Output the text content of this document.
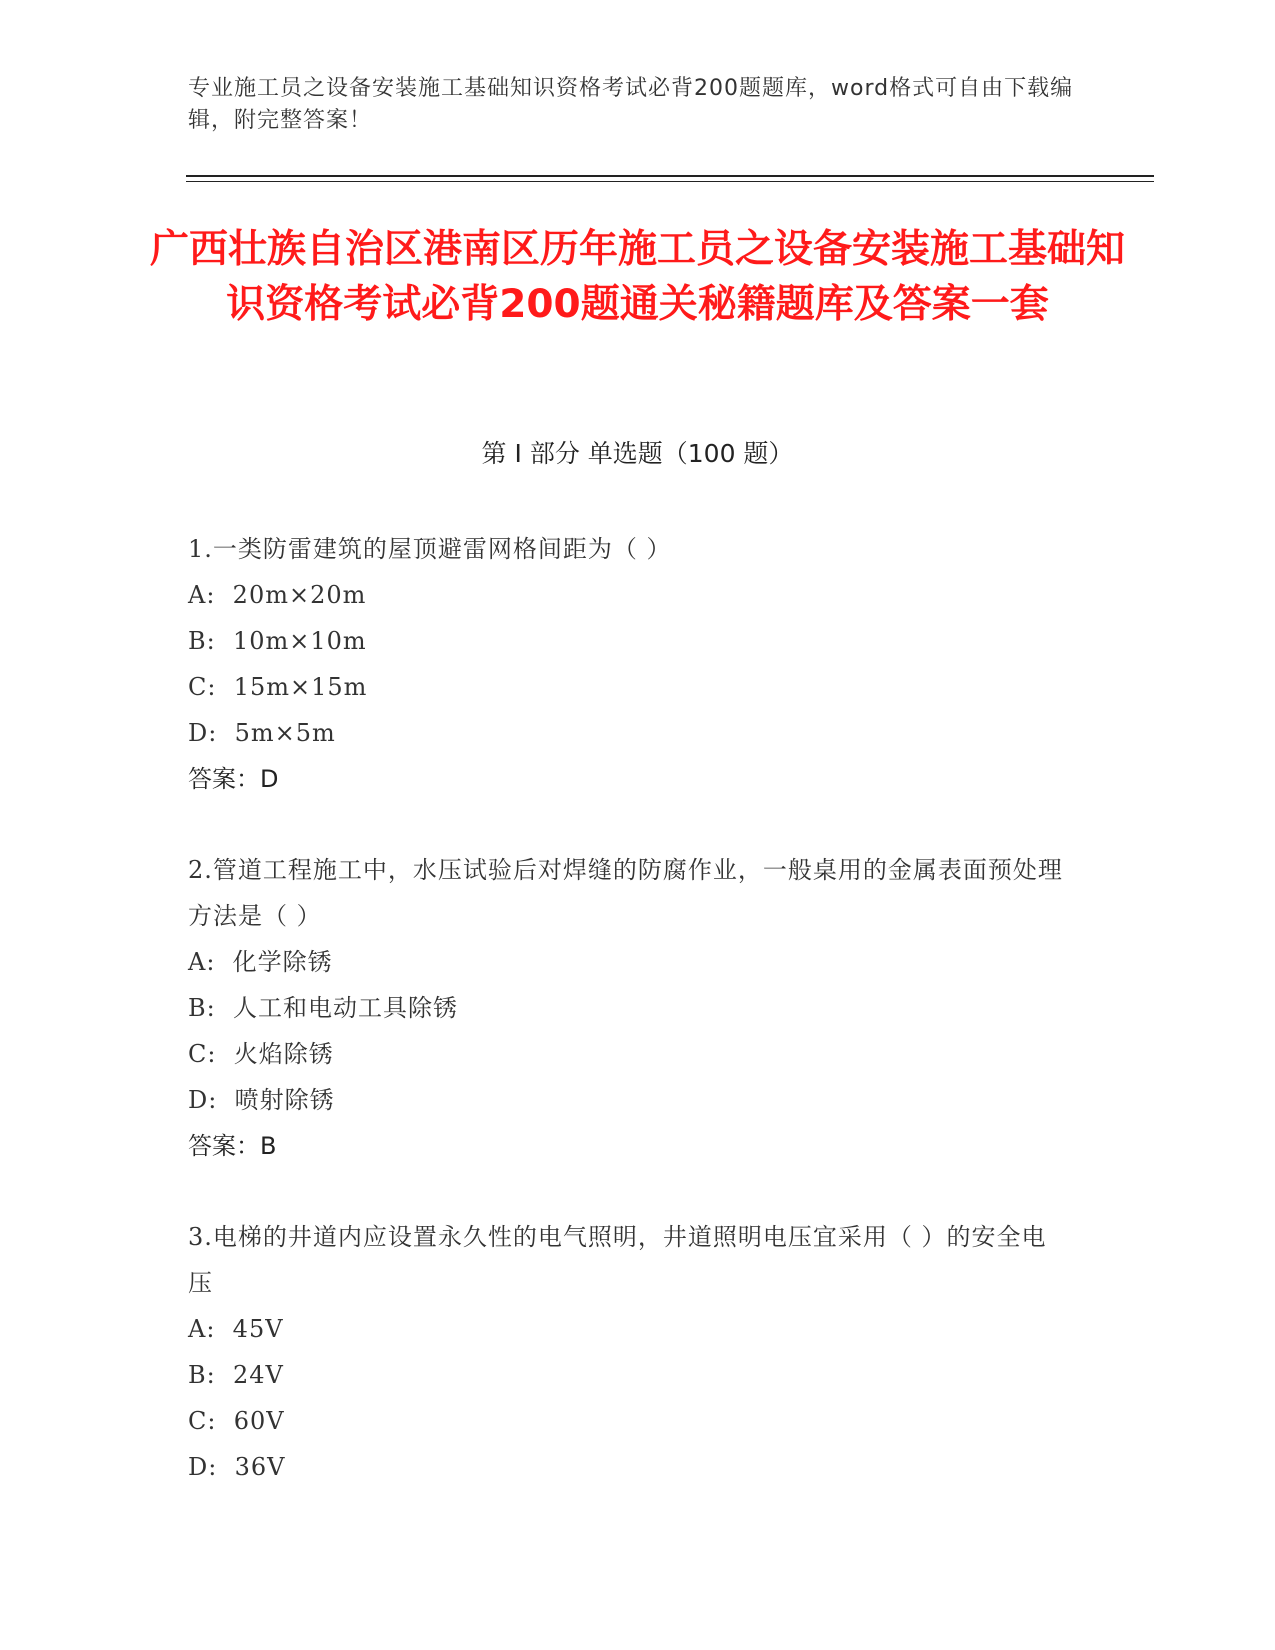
专业施工员之设备安装施工基础知识资格考试必背200题题库，word格式可自由下载编辑，附完整答案！
广西壮族自治区港南区历年施工员之设备安装施工基础知识资格考试必背200题通关秘籍题库及答案一套
第 I 部分 单选题（100 题）
1.一类防雷建筑的屋顶避雷网格间距为（ ）
A:  20m×20m
B:  10m×10m
C:  15m×15m
D:  5m×5m
答案：D
2.管道工程施工中，水压试验后对焊缝的防腐作业，一般桌用的金属表面预处理方法是（ ）
A:  化学除锈
B:  人工和电动工具除锈
C:  火焰除锈
D:  喷射除锈
答案：B
3.电梯的井道内应设置永久性的电气照明，井道照明电压宜采用（ ）的安全电压
A:  45V
B:  24V
C:  60V
D:  36V
